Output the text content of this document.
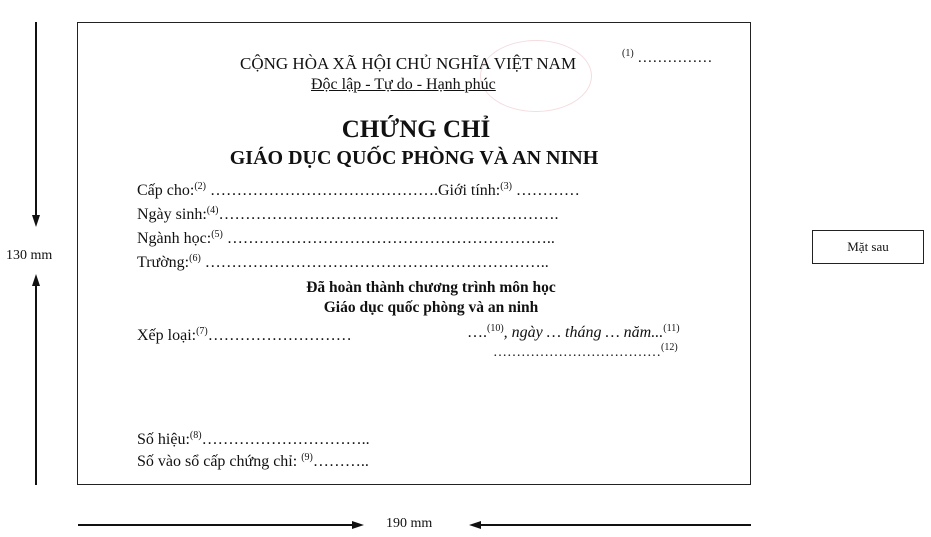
130 mm
190 mm
Mặt sau
CỘNG HÒA XÃ HỘI CHỦ NGHĨA VIỆT NAM
$^{(1)}$ ……………
Độc lập - Tự do - Hạnh phúc
CHỨNG CHỈ
GIÁO DỤC QUỐC PHÒNG VÀ AN NINH
Cấp cho:$^{(2)}$ …………………………………….Giới tính:$^{(3)}$ …………
Ngày sinh:$^{(4)}$……………………………………………………….
Ngành học:$^{(5)}$ ……………………………………………………..
Trường:$^{(6)}$ ………………………………………………………..
Đã hoàn thành chương trình môn học
Giáo dục quốc phòng và an ninh
Xếp loại:$^{(7)}$………………………	….$^{(10)}$, ngày … tháng … năm...$^{(11)}$
………………………………$^{(12)}$
Số hiệu:$^{(8)}$…………………………..
Số vào sổ cấp chứng chỉ: $^{(9)}$………..
